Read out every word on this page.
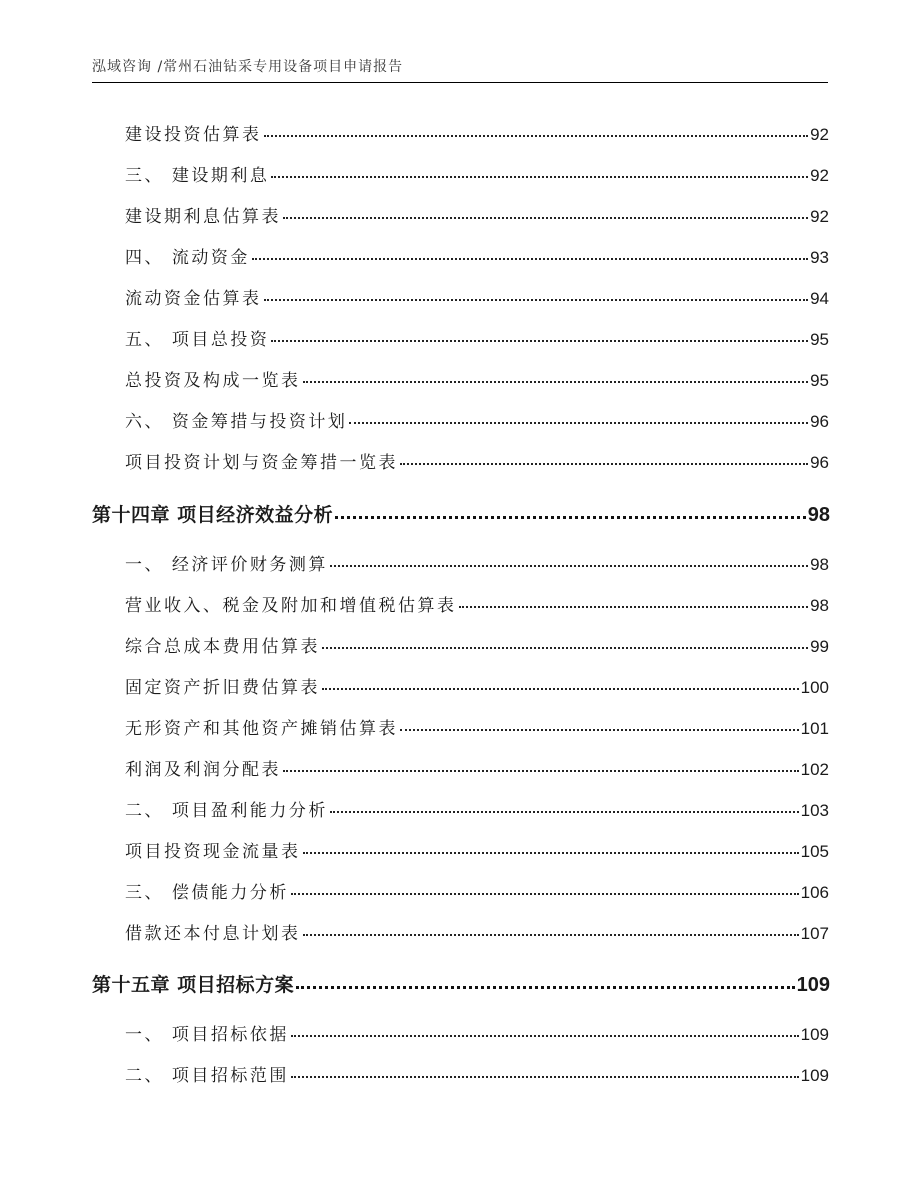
泓域咨询 /常州石油钻采专用设备项目申请报告
建设投资估算表	92
三、 建设期利息	92
建设期利息估算表	92
四、 流动资金	93
流动资金估算表	94
五、 项目总投资	95
总投资及构成一览表	95
六、 资金筹措与投资计划	96
项目投资计划与资金筹措一览表	96
第十四章 项目经济效益分析	98
一、 经济评价财务测算	98
营业收入、税金及附加和增值税估算表	98
综合总成本费用估算表	99
固定资产折旧费估算表	100
无形资产和其他资产摊销估算表	101
利润及利润分配表	102
二、 项目盈利能力分析	103
项目投资现金流量表	105
三、 偿债能力分析	106
借款还本付息计划表	107
第十五章 项目招标方案	109
一、 项目招标依据	109
二、 项目招标范围	109
